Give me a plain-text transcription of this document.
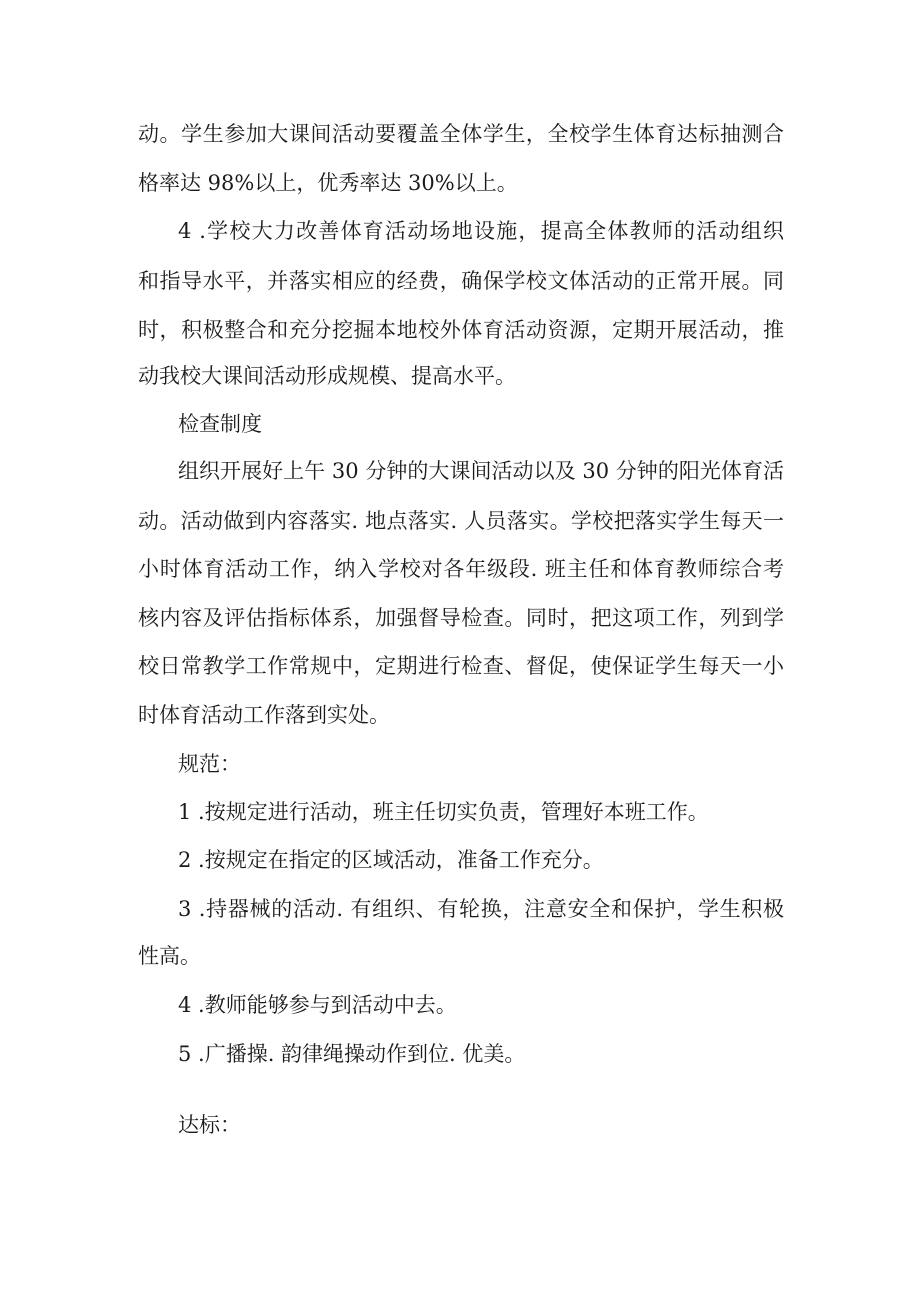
动。学生参加大课间活动要覆盖全体学生，全校学生体育达标抽测合

格率达 98%以上，优秀率达 30%以上。

4 .学校大力改善体育活动场地设施，提高全体教师的活动组织

和指导水平，并落实相应的经费，确保学校文体活动的正常开展。同

时，积极整合和充分挖掘本地校外体育活动资源，定期开展活动，推

动我校大课间活动形成规模、提高水平。

检查制度

组织开展好上午 30 分钟的大课间活动以及 30 分钟的阳光体育活

动。活动做到内容落实. 地点落实. 人员落实。学校把落实学生每天一

小时体育活动工作，纳入学校对各年级段. 班主任和体育教师综合考

核内容及评估指标体系，加强督导检查。同时，把这项工作，列到学

校日常教学工作常规中，定期进行检查、督促，使保证学生每天一小

时体育活动工作落到实处。

规范：

1 .按规定进行活动，班主任切实负责，管理好本班工作。

2 .按规定在指定的区域活动，准备工作充分。

3 .持器械的活动. 有组织、有轮换，注意安全和保护，学生积极

性高。

4 .教师能够参与到活动中去。

5 .广播操. 韵律绳操动作到位. 优美。

达标：
